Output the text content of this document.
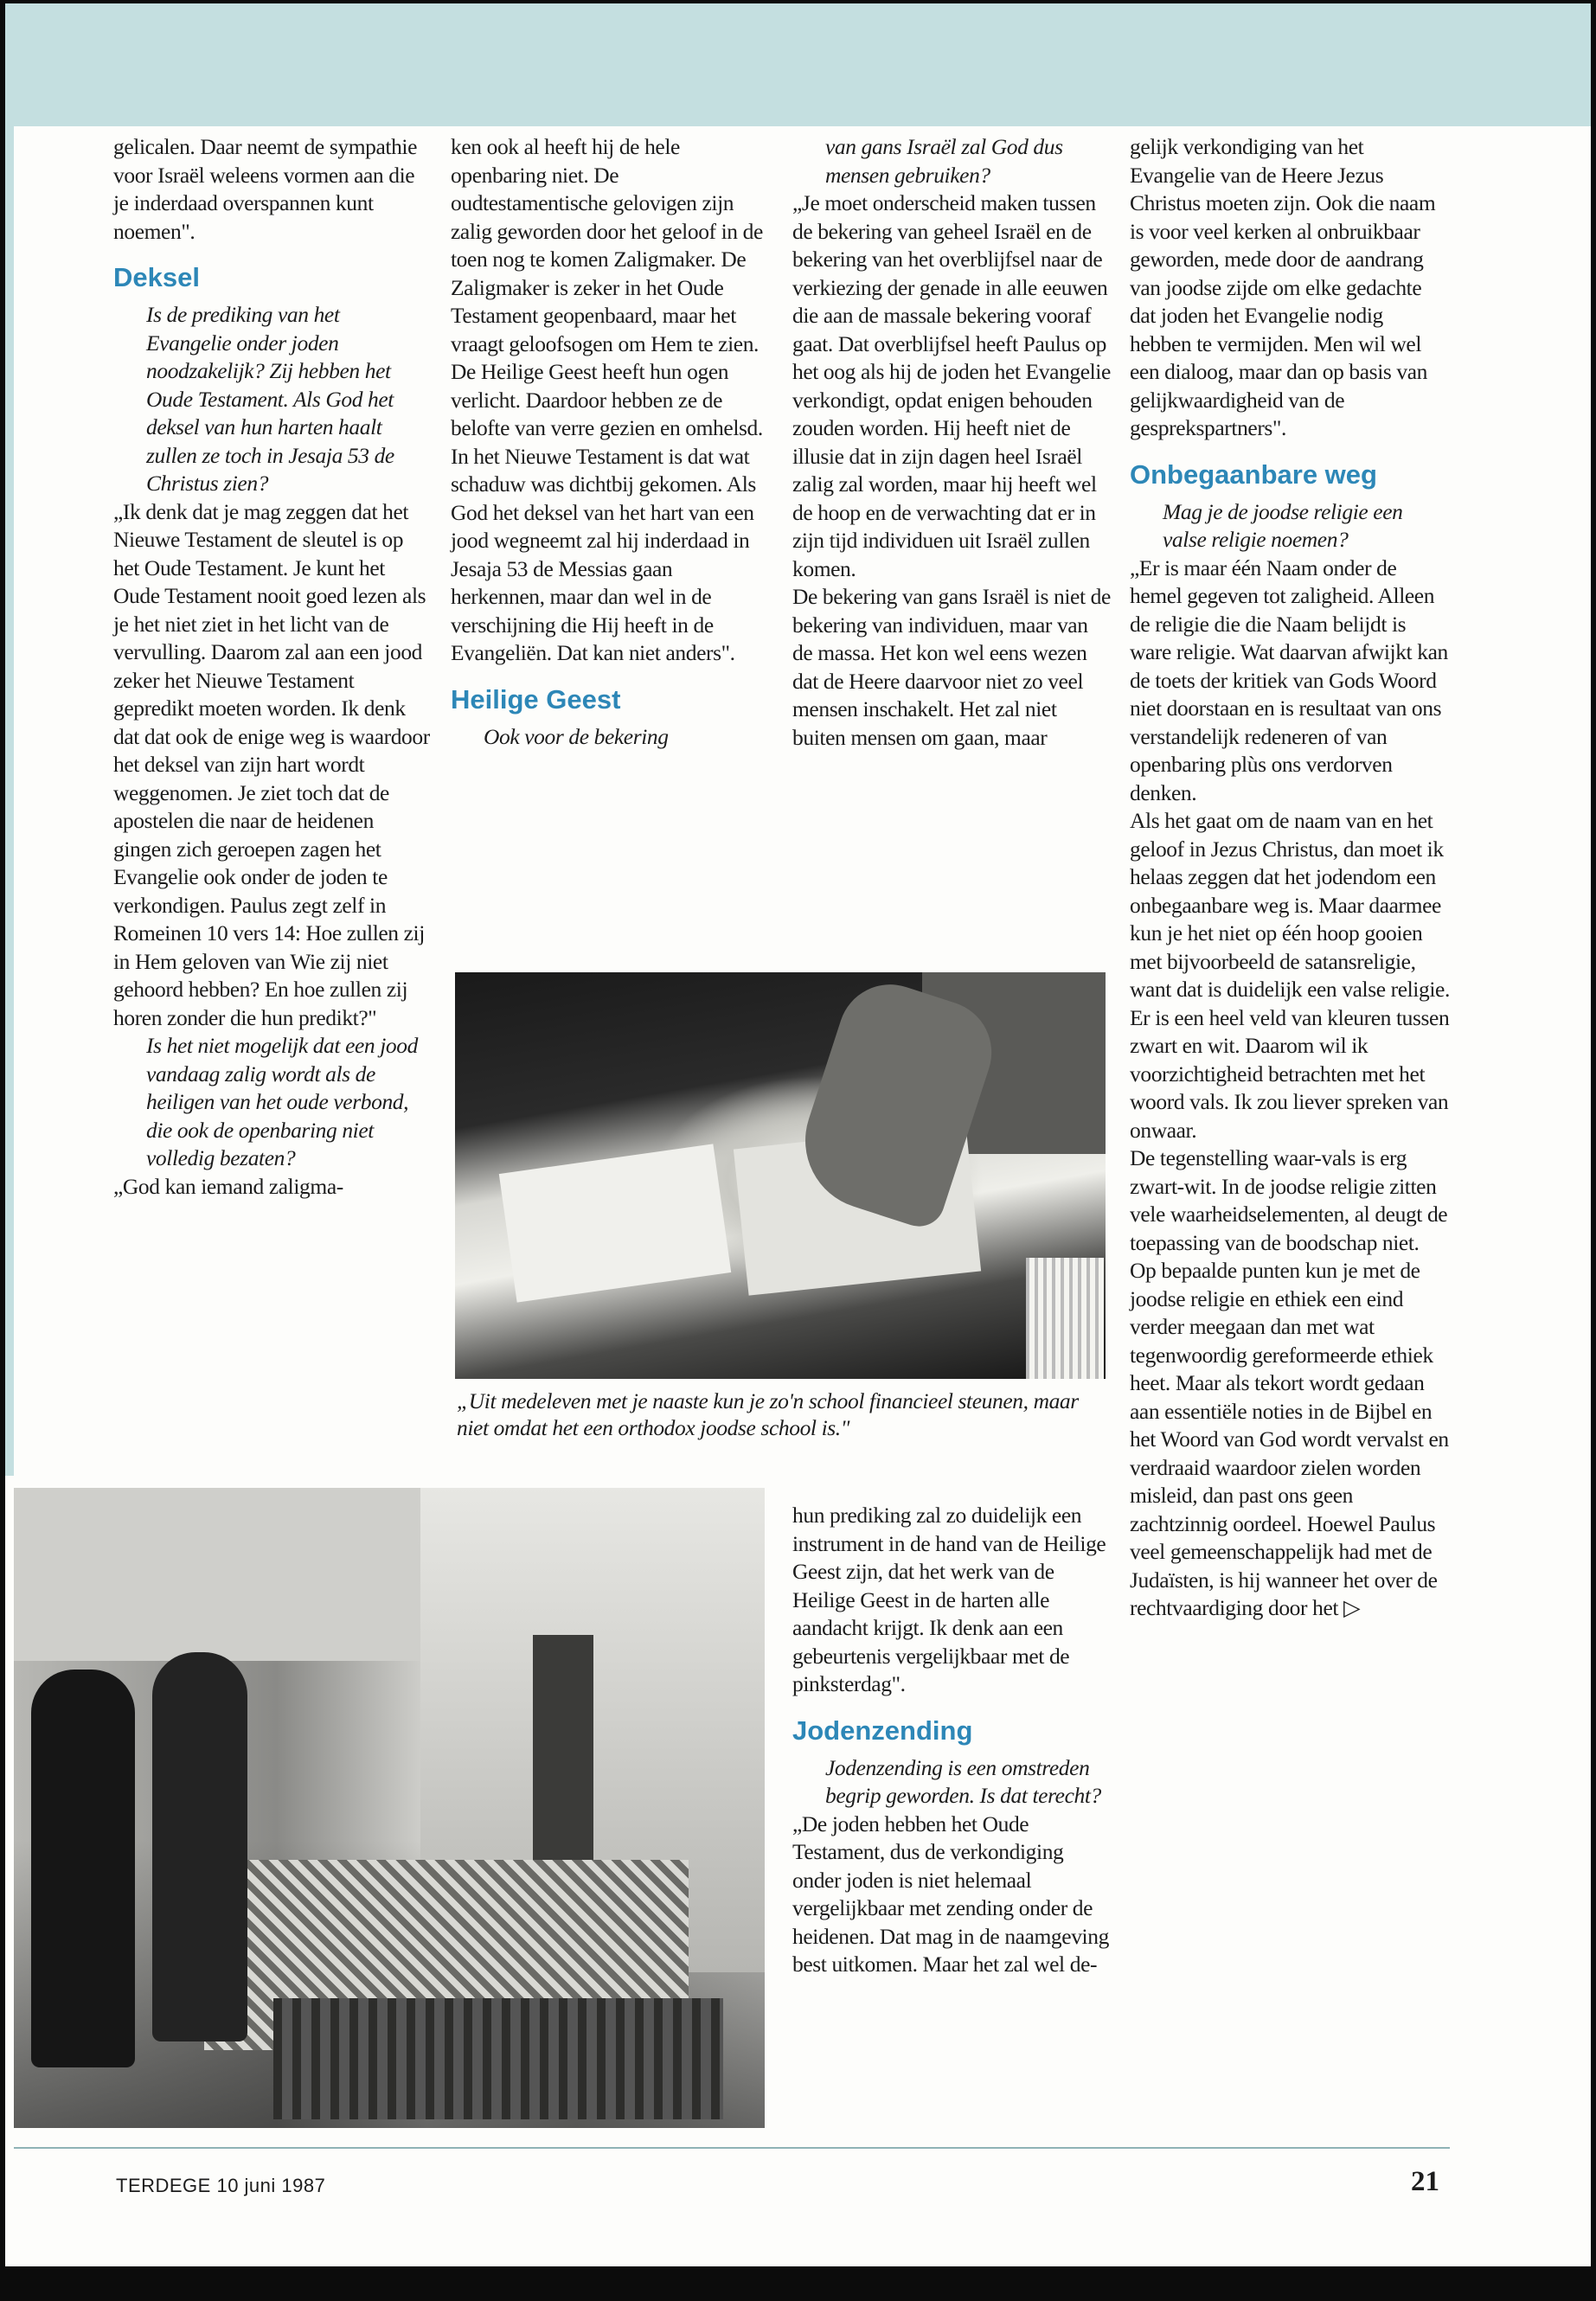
gelicalen. Daar neemt de sympathie voor Israël weleens vormen aan die je inderdaad overspannen kunt noemen".

Deksel

Is de prediking van het Evangelie onder joden noodzakelijk? Zij hebben het Oude Testament. Als God het deksel van hun harten haalt zullen ze toch in Jesaja 53 de Christus zien?

„Ik denk dat je mag zeggen dat het Nieuwe Testament de sleutel is op het Oude Testament. Je kunt het Oude Testament nooit goed lezen als je het niet ziet in het licht van de vervulling. Daarom zal aan een jood zeker het Nieuwe Testament gepredikt moeten worden. Ik denk dat dat ook de enige weg is waardoor het deksel van zijn hart wordt weggenomen. Je ziet toch dat de apostelen die naar de heidenen gingen zich geroepen zagen het Evangelie ook onder de joden te verkondigen. Paulus zegt zelf in Romeinen 10 vers 14: Hoe zullen zij in Hem geloven van Wie zij niet gehoord hebben? En hoe zullen zij horen zonder die hun predikt?"

Is het niet mogelijk dat een jood vandaag zalig wordt als de heiligen van het oude verbond, die ook de openbaring niet volledig bezaten?

„God kan iemand zaligma-

ken ook al heeft hij de hele openbaring niet. De oudtestamentische gelovigen zijn zalig geworden door het geloof in de toen nog te komen Zaligmaker. De Zaligmaker is zeker in het Oude Testament geopenbaard, maar het vraagt geloofsogen om Hem te zien. De Heilige Geest heeft hun ogen verlicht. Daardoor hebben ze de belofte van verre gezien en omhelsd. In het Nieuwe Testament is dat wat schaduw was dichtbij gekomen. Als God het deksel van het hart van een jood wegneemt zal hij inderdaad in Jesaja 53 de Messias gaan herkennen, maar dan wel in de verschijning die Hij heeft in de Evangeliën. Dat kan niet anders".

Heilige Geest

Ook voor de bekering

van gans Israël zal God dus mensen gebruiken?

„Je moet onderscheid maken tussen de bekering van geheel Israël en de bekering van het overblijfsel naar de verkiezing der genade in alle eeuwen die aan de massale bekering vooraf gaat. Dat overblijfsel heeft Paulus op het oog als hij de joden het Evangelie verkondigt, opdat enigen behouden zouden worden. Hij heeft niet de illusie dat in zijn dagen heel Israël zalig zal worden, maar hij heeft wel de hoop en de verwachting dat er in zijn tijd individuen uit Israël zullen komen.

De bekering van gans Israël is niet de bekering van individuen, maar van de massa. Het kon wel eens wezen dat de Heere daarvoor niet zo veel mensen inschakelt. Het zal niet buiten mensen om gaan, maar

„Uit medeleven met je naaste kun je zo'n school financieel steunen, maar niet omdat het een orthodox joodse school is."

hun prediking zal zo duidelijk een instrument in de hand van de Heilige Geest zijn, dat het werk van de Heilige Geest in de harten alle aandacht krijgt. Ik denk aan een gebeurtenis vergelijkbaar met de pinksterdag".

Jodenzending

Jodenzending is een omstreden begrip geworden. Is dat terecht?

„De joden hebben het Oude Testament, dus de verkondiging onder joden is niet helemaal vergelijkbaar met zending onder de heidenen. Dat mag in de naamgeving best uitkomen. Maar het zal wel de-

gelijk verkondiging van het Evangelie van de Heere Jezus Christus moeten zijn. Ook die naam is voor veel kerken al onbruikbaar geworden, mede door de aandrang van joodse zijde om elke gedachte dat joden het Evangelie nodig hebben te vermijden. Men wil wel een dialoog, maar dan op basis van gelijkwaardigheid van de gesprekspartners".

Onbegaanbare weg

Mag je de joodse religie een valse religie noemen?

„Er is maar één Naam onder de hemel gegeven tot zaligheid. Alleen de religie die die Naam belijdt is ware religie. Wat daarvan afwijkt kan de toets der kritiek van Gods Woord niet doorstaan en is resultaat van ons verstandelijk redeneren of van openbaring plùs ons verdorven denken.

Als het gaat om de naam van en het geloof in Jezus Christus, dan moet ik helaas zeggen dat het jodendom een onbegaanbare weg is. Maar daarmee kun je het niet op één hoop gooien met bijvoorbeeld de satansreligie, want dat is duidelijk een valse religie. Er is een heel veld van kleuren tussen zwart en wit. Daarom wil ik voorzichtigheid betrachten met het woord vals. Ik zou liever spreken van onwaar.

De tegenstelling waar-vals is erg zwart-wit. In de joodse religie zitten vele waarheidselementen, al deugt de toepassing van de boodschap niet. Op bepaalde punten kun je met de joodse religie en ethiek een eind verder meegaan dan met wat tegenwoordig gereformeerde ethiek heet. Maar als tekort wordt gedaan aan essentiële noties in de Bijbel en het Woord van God wordt vervalst en verdraaid waardoor zielen worden misleid, dan past ons geen zachtzinnig oordeel. Hoewel Paulus veel gemeenschappelijk had met de Judaïsten, is hij wanneer het over de rechtvaardiging door het ▷

TERDEGE 10 juni 1987	21
